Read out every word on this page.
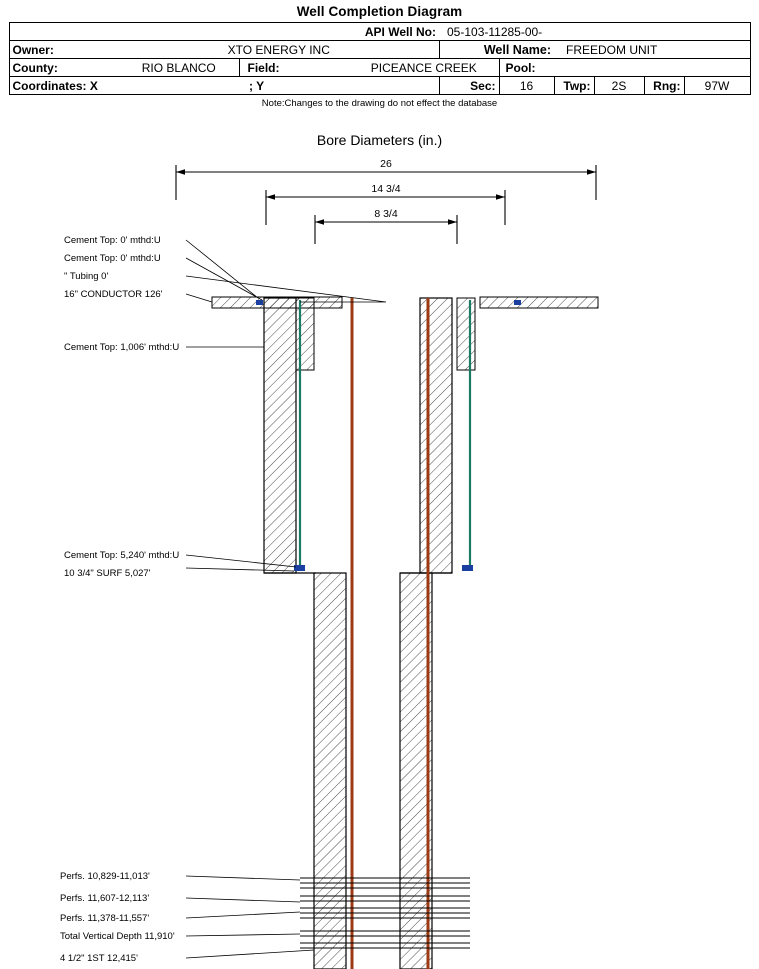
Well Completion Diagram
API Well No:				05-103-11285-00-					
Owner:	XTO ENERGY INC			Well Name:		FREEDOM UNIT			
County:	RIO BLANCO	Field:	PICEANCE CREEK		Pool:				
Coordinates: X		; Y		Sec:	16	Twp:	2S	Rng:	97W
Note:Changes to the drawing do not effect the database
Bore Diameters (in.)
26
14 3/4
8 3/4
Cement Top: 0' mthd:U
Cement Top: 0' mthd:U
" Tubing 0'
16" CONDUCTOR 126'
Cement Top: 1,006' mthd:U
Cement Top: 5,240' mthd:U
10 3/4" SURF 5,027'
Perfs. 10,829-11,013'
Perfs. 11,607-12,113'
Perfs. 11,378-11,557'
Total Vertical Depth 11,910'
4 1/2" 1ST 12,415'
